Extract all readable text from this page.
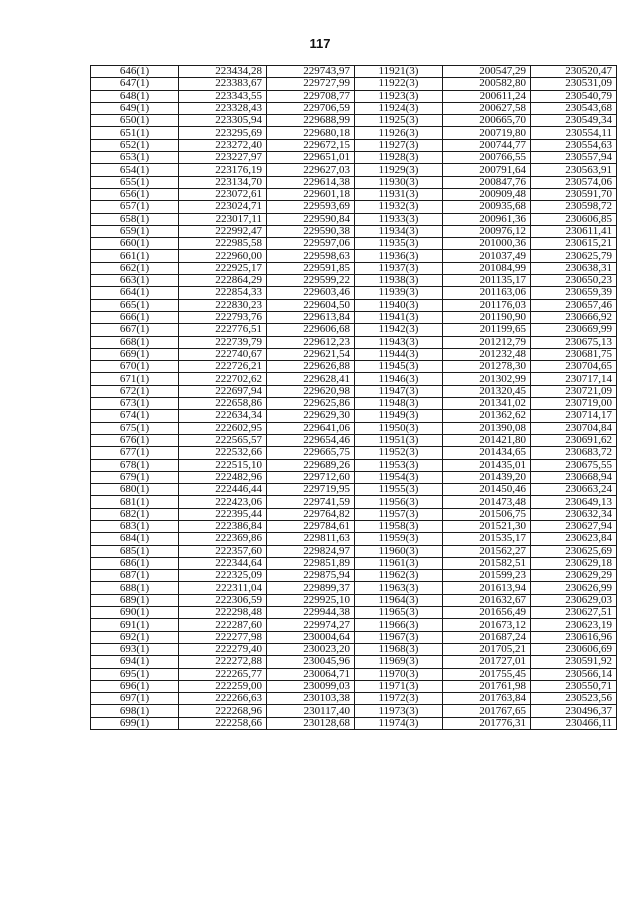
117
646(1)	223434,28	229743,97	11921(3)	200547,29	230520,47
647(1)	223383,67	229727,99	11922(3)	200582,80	230531,09
648(1)	223343,55	229708,77	11923(3)	200611,24	230540,79
649(1)	223328,43	229706,59	11924(3)	200627,58	230543,68
650(1)	223305,94	229688,99	11925(3)	200665,70	230549,34
651(1)	223295,69	229680,18	11926(3)	200719,80	230554,11
652(1)	223272,40	229672,15	11927(3)	200744,77	230554,63
653(1)	223227,97	229651,01	11928(3)	200766,55	230557,94
654(1)	223176,19	229627,03	11929(3)	200791,64	230563,91
655(1)	223134,70	229614,38	11930(3)	200847,76	230574,06
656(1)	223072,61	229601,18	11931(3)	200909,48	230591,70
657(1)	223024,71	229593,69	11932(3)	200935,68	230598,72
658(1)	223017,11	229590,84	11933(3)	200961,36	230606,85
659(1)	222992,47	229590,38	11934(3)	200976,12	230611,41
660(1)	222985,58	229597,06	11935(3)	201000,36	230615,21
661(1)	222960,00	229598,63	11936(3)	201037,49	230625,79
662(1)	222925,17	229591,85	11937(3)	201084,99	230638,31
663(1)	222864,29	229599,22	11938(3)	201135,17	230650,23
664(1)	222854,33	229603,46	11939(3)	201163,06	230659,39
665(1)	222830,23	229604,50	11940(3)	201176,03	230657,46
666(1)	222793,76	229613,84	11941(3)	201190,90	230666,92
667(1)	222776,51	229606,68	11942(3)	201199,65	230669,99
668(1)	222739,79	229612,23	11943(3)	201212,79	230675,13
669(1)	222740,67	229621,54	11944(3)	201232,48	230681,75
670(1)	222726,21	229626,88	11945(3)	201278,30	230704,65
671(1)	222702,62	229628,41	11946(3)	201302,99	230717,14
672(1)	222697,94	229620,98	11947(3)	201320,45	230721,09
673(1)	222658,86	229625,86	11948(3)	201341,02	230719,00
674(1)	222634,34	229629,30	11949(3)	201362,62	230714,17
675(1)	222602,95	229641,06	11950(3)	201390,08	230704,84
676(1)	222565,57	229654,46	11951(3)	201421,80	230691,62
677(1)	222532,66	229665,75	11952(3)	201434,65	230683,72
678(1)	222515,10	229689,26	11953(3)	201435,01	230675,55
679(1)	222482,96	229712,60	11954(3)	201439,20	230668,94
680(1)	222446,44	229719,95	11955(3)	201450,46	230663,24
681(1)	222423,06	229741,59	11956(3)	201473,48	230649,13
682(1)	222395,44	229764,82	11957(3)	201506,75	230632,34
683(1)	222386,84	229784,61	11958(3)	201521,30	230627,94
684(1)	222369,86	229811,63	11959(3)	201535,17	230623,84
685(1)	222357,60	229824,97	11960(3)	201562,27	230625,69
686(1)	222344,64	229851,89	11961(3)	201582,51	230629,18
687(1)	222325,09	229875,94	11962(3)	201599,23	230629,29
688(1)	222311,04	229899,37	11963(3)	201613,94	230626,99
689(1)	222306,59	229925,10	11964(3)	201632,67	230629,03
690(1)	222298,48	229944,38	11965(3)	201656,49	230627,51
691(1)	222287,60	229974,27	11966(3)	201673,12	230623,19
692(1)	222277,98	230004,64	11967(3)	201687,24	230616,96
693(1)	222279,40	230023,20	11968(3)	201705,21	230606,69
694(1)	222272,88	230045,96	11969(3)	201727,01	230591,92
695(1)	222265,77	230064,71	11970(3)	201755,45	230566,14
696(1)	222259,00	230099,03	11971(3)	201761,98	230550,71
697(1)	222266,63	230103,38	11972(3)	201763,84	230523,56
698(1)	222268,96	230117,40	11973(3)	201767,65	230496,37
699(1)	222258,66	230128,68	11974(3)	201776,31	230466,11
